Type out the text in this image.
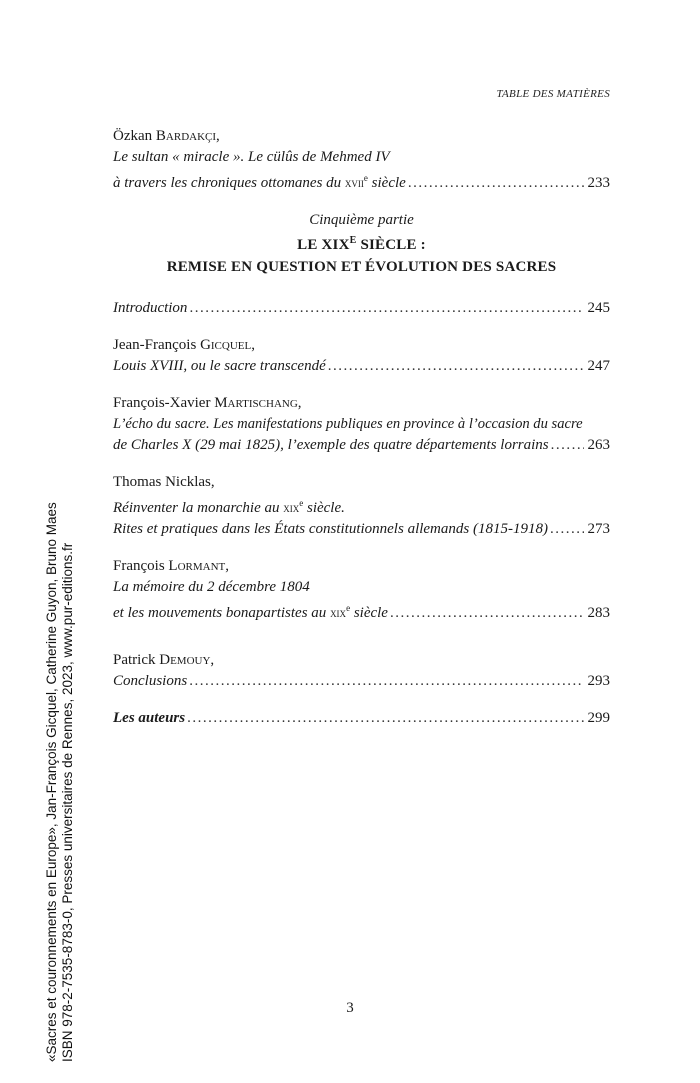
TABLE DES MATIÈRES

Özkan Bardakçı,

Le sultan « miracle ». Le cülûs de Mehmed IV

à travers les chroniques ottomanes du xvii$^e$ siècle .....	233
Cinquième partie
LE $XIX^E$ SIÈCLE :
REMISE EN QUESTION ET ÉVOLUTION DES SACRES
Introduction .....	245

Jean-François Gicquel,

Louis XVIII, ou le sacre transcendé .....	247

François-Xavier Martischang,

L’écho du sacre. Les manifestations publiques en province à l’occasion du sacre

de Charles X (29 mai 1825), l’exemple des quatre départements lorrains .....	263

Thomas Nicklas,

Réinventer la monarchie au xix$^e$ siècle.

Rites et pratiques dans les États constitutionnels allemands (1815-1918) .....	273

François Lormant,

La mémoire du 2 décembre 1804

et les mouvements bonapartistes au xix$^e$ siècle .....	283

Patrick Demouy,

Conclusions .....	293
Les auteurs .....	299
3
«Sacres et couronnements en Europe», Jan-François Gicquel, Catherine Guyon, Bruno Maes ISBN 978-2-7535-8783-0, Presses universitaires de Rennes, 2023, www.pur-editions.fr
